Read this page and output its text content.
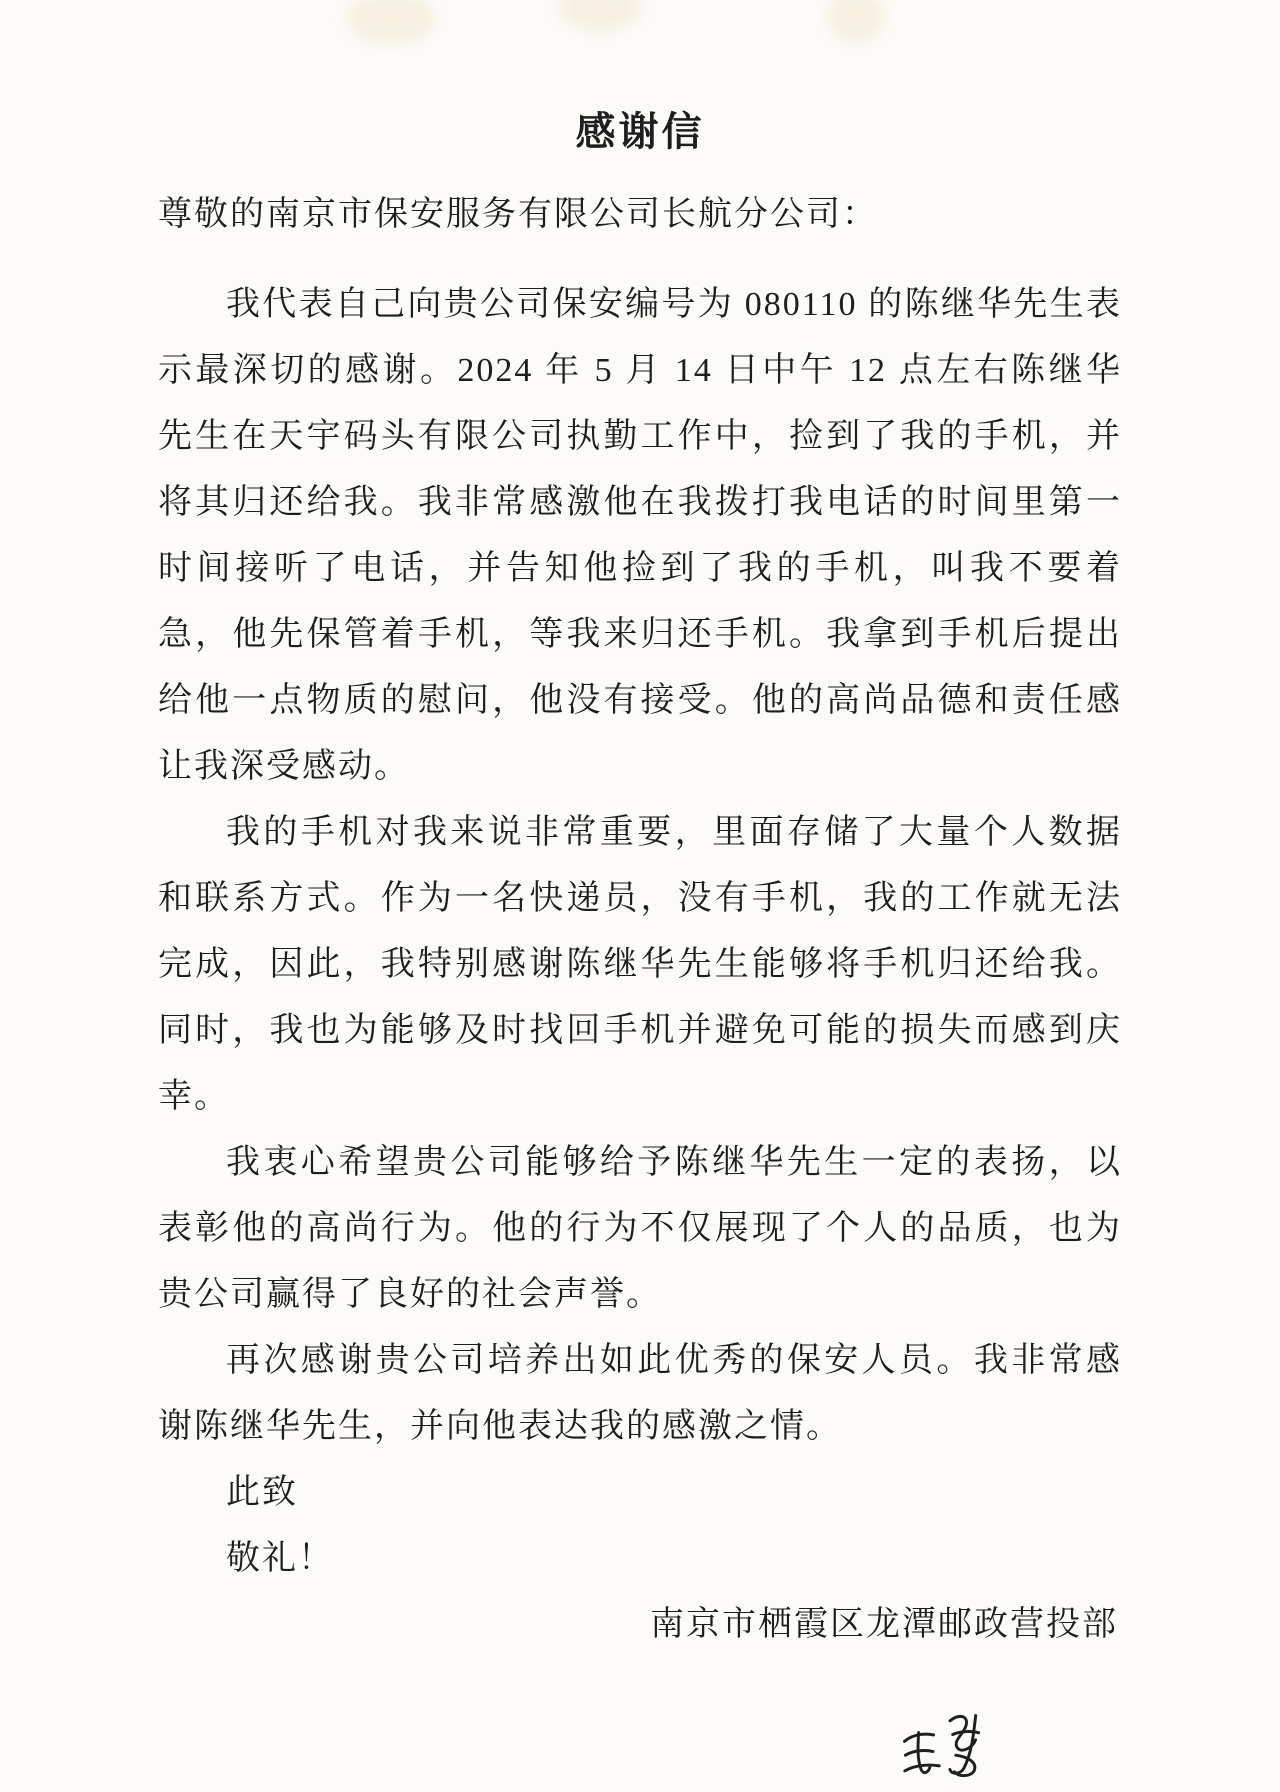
感谢信
尊敬的南京市保安服务有限公司长航分公司：

我代表自己向贵公司保安编号为 080110 的陈继华先生表示最深切的感谢。2024 年 5 月 14 日中午 12 点左右陈继华先生在天宇码头有限公司执勤工作中，捡到了我的手机，并将其归还给我。我非常感激他在我拨打我电话的时间里第一时间接听了电话，并告知他捡到了我的手机，叫我不要着急，他先保管着手机，等我来归还手机。我拿到手机后提出给他一点物质的慰问，他没有接受。他的高尚品德和责任感让我深受感动。

我的手机对我来说非常重要，里面存储了大量个人数据和联系方式。作为一名快递员，没有手机，我的工作就无法完成，因此，我特别感谢陈继华先生能够将手机归还给我。同时，我也为能够及时找回手机并避免可能的损失而感到庆幸。

我衷心希望贵公司能够给予陈继华先生一定的表扬，以表彰他的高尚行为。他的行为不仅展现了个人的品质，也为贵公司赢得了良好的社会声誉。

再次感谢贵公司培养出如此优秀的保安人员。我非常感谢陈继华先生，并向他表达我的感激之情。

此致

敬礼！

南京市栖霞区龙潭邮政营投部
